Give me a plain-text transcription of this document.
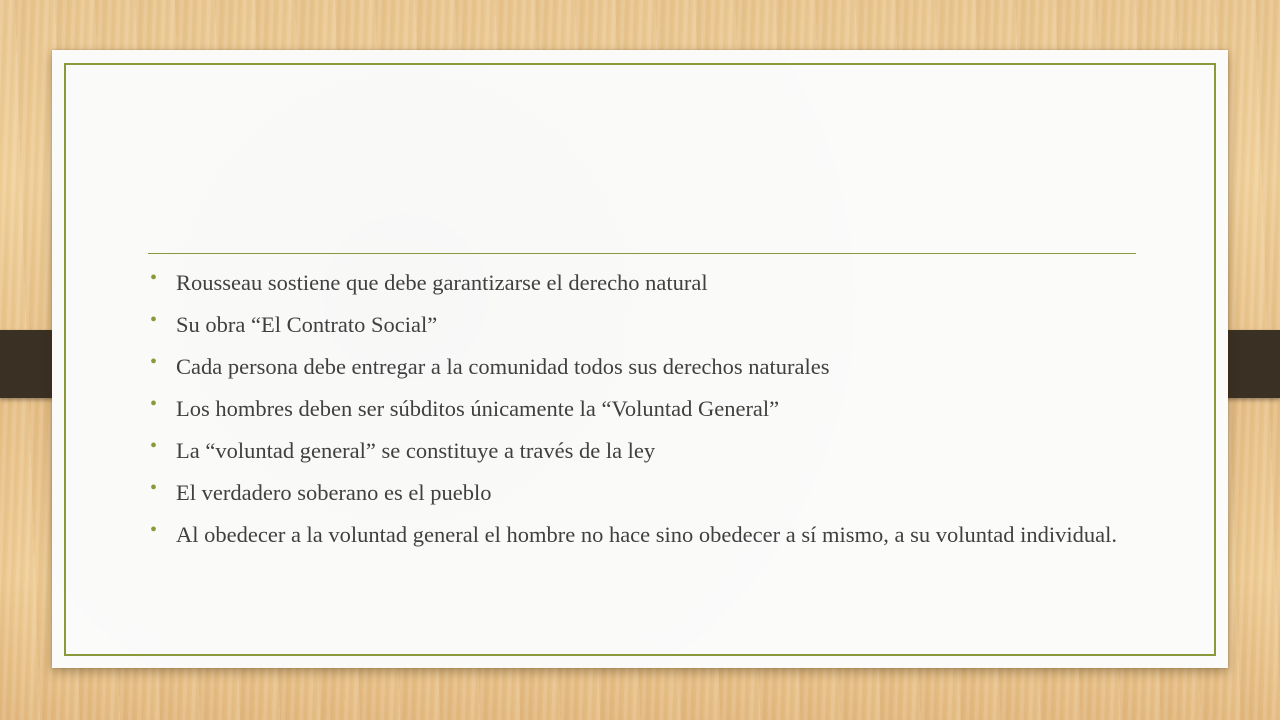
• Rousseau sostiene que debe garantizarse el derecho natural
• Su obra “El Contrato Social”
• Cada persona debe entregar a la comunidad todos sus derechos naturales
• Los hombres deben ser súbditos únicamente la “Voluntad General”
• La “voluntad general” se constituye a través de la ley
• El verdadero soberano es el pueblo
• Al obedecer a la voluntad general el hombre no hace sino obedecer a sí mismo, a su voluntad individual.
